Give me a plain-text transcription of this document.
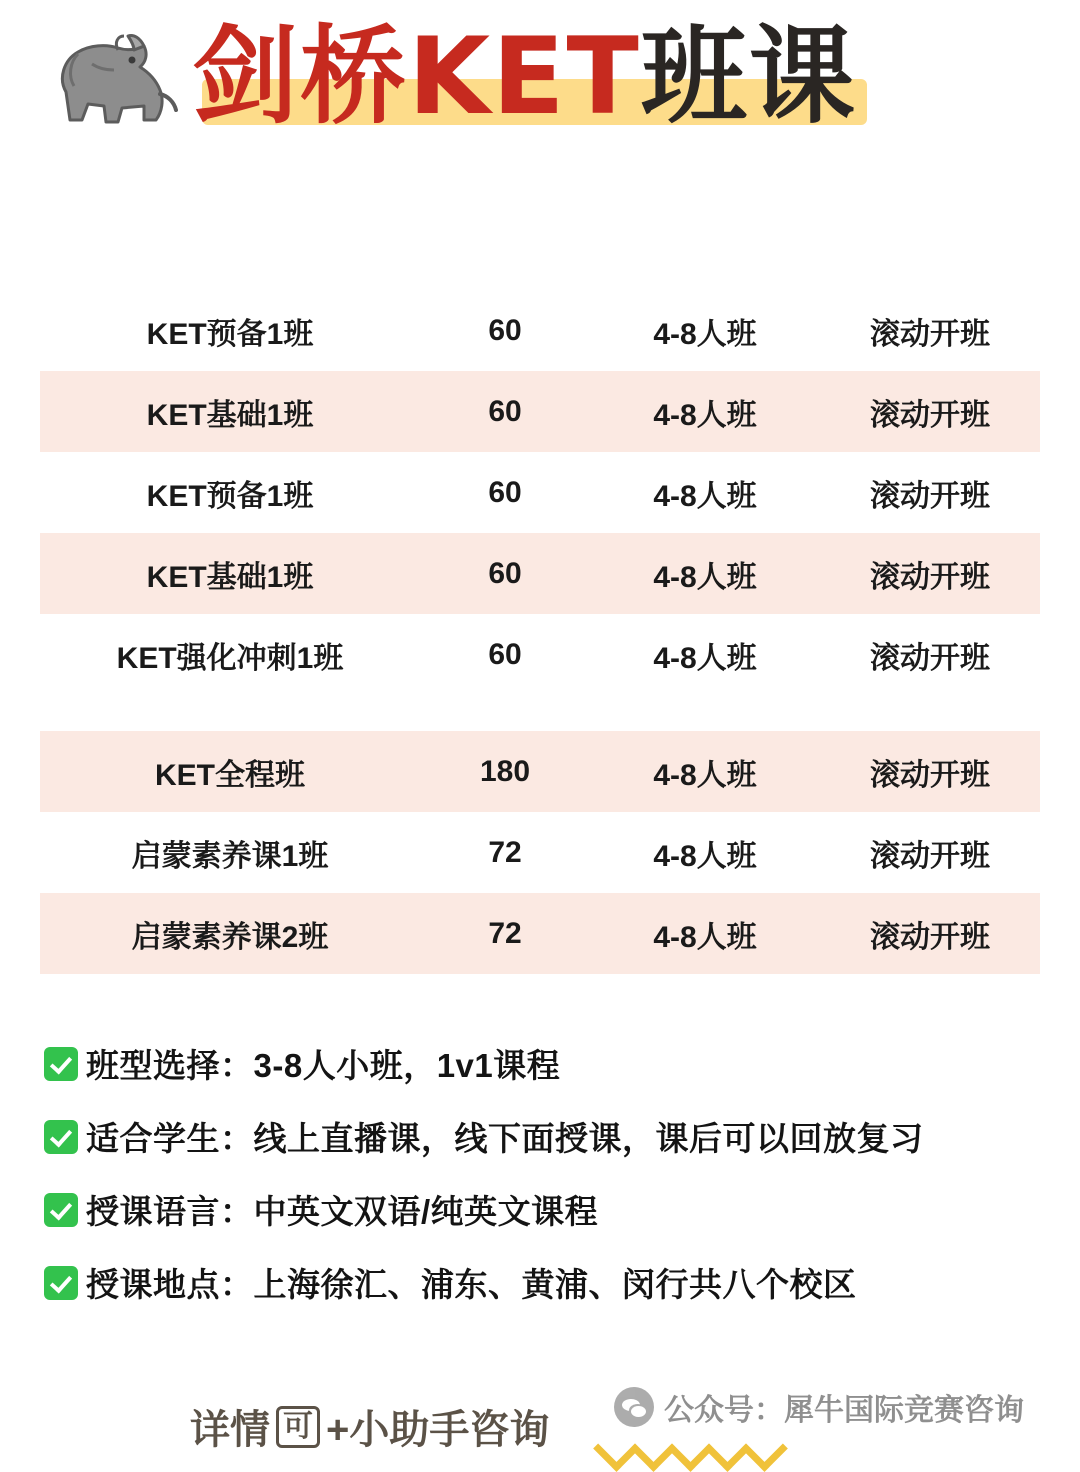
剑桥KET班课
KET预备1班	60	4-8人班	滚动开班
KET基础1班	60	4-8人班	滚动开班
KET预备1班	60	4-8人班	滚动开班
KET基础1班	60	4-8人班	滚动开班
KET强化冲刺1班	60	4-8人班	滚动开班
KET全程班	180	4-8人班	滚动开班
启蒙素养课1班	72	4-8人班	滚动开班
启蒙素养课2班	72	4-8人班	滚动开班
班型选择：3-8人小班，1v1课程
适合学生：线上直播课，线下面授课，课后可以回放复习
授课语言：中英文双语/纯英文课程
授课地点：上海徐汇、浦东、黄浦、闵行共八个校区
详情 可 +小助手咨询	公众号：犀牛国际竞赛咨询
